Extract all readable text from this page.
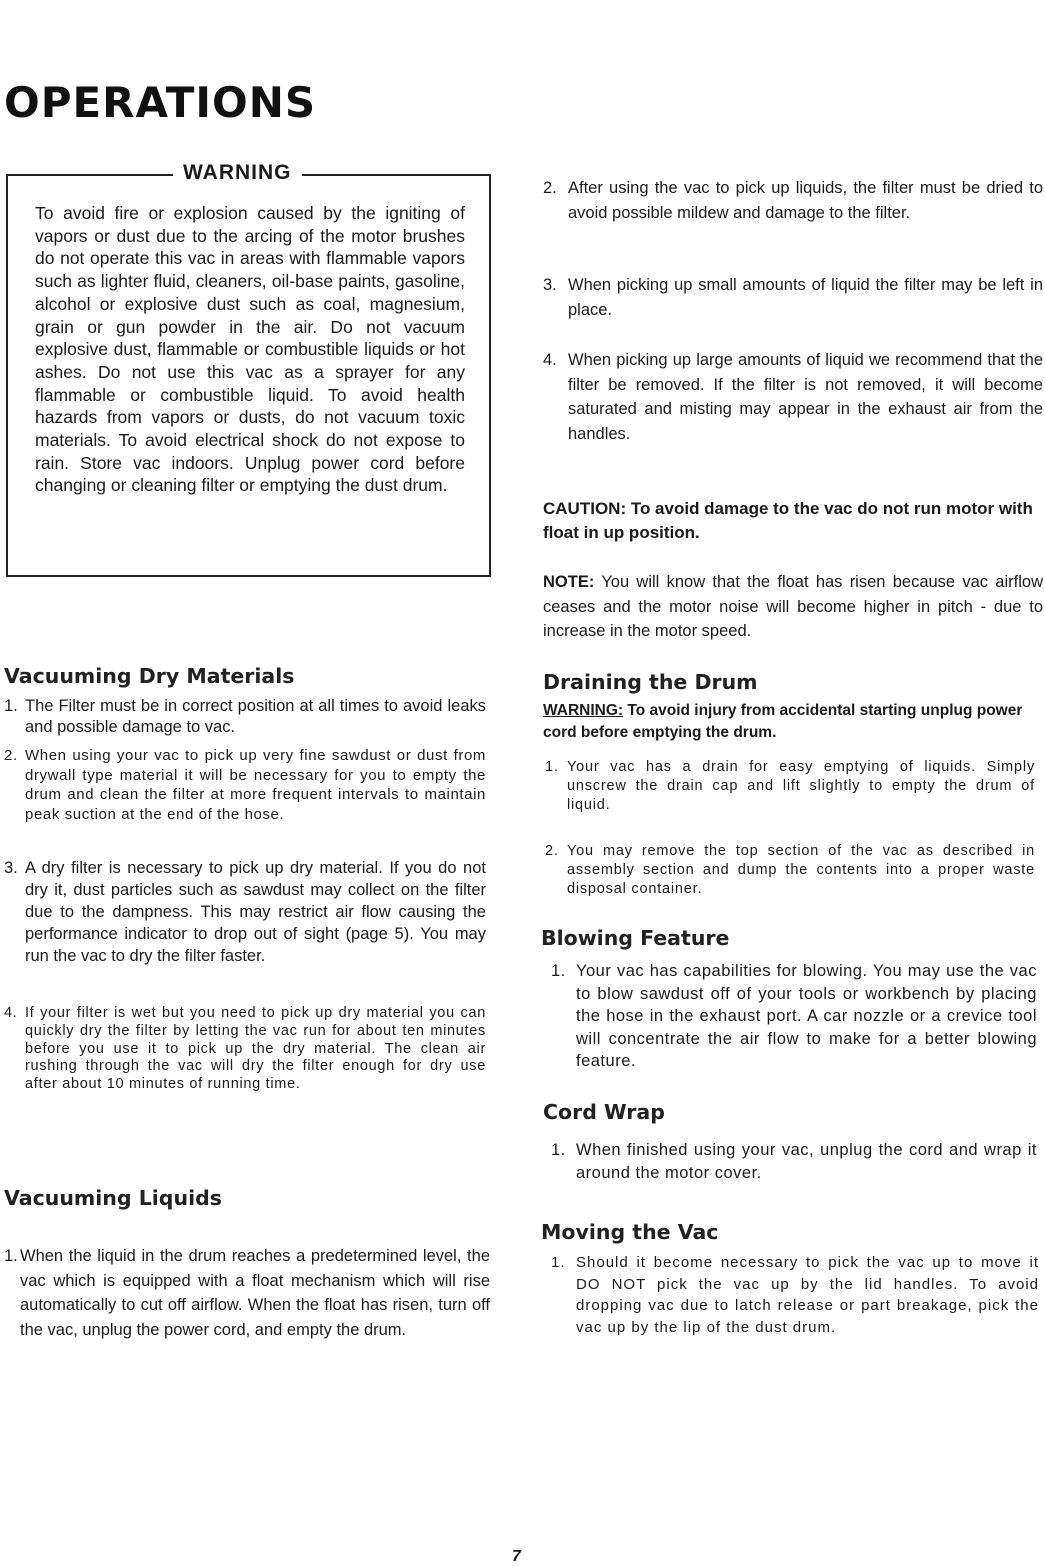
OPERATIONS
WARNING

To avoid fire or explosion caused by the igniting of vapors or dust due to the arcing of the motor brushes do not operate this vac in areas with flammable vapors such as lighter fluid, cleaners, oil-base paints, gasoline, alcohol or explosive dust such as coal, magnesium, grain or gun powder in the air. Do not vacuum explosive dust, flammable or combustible liquids or hot ashes. Do not use this vac as a sprayer for any flammable or combustible liquid. To avoid health hazards from vapors or dusts, do not vacuum toxic materials. To avoid electrical shock do not expose to rain. Store vac indoors. Unplug power cord before changing or cleaning filter or emptying the dust drum.

Vacuuming Dry Materials
1. The Filter must be in correct position at all times to avoid leaks and possible damage to vac.
2. When using your vac to pick up very fine sawdust or dust from drywall type material it will be necessary for you to empty the drum and clean the filter at more frequent intervals to maintain peak suction at the end of the hose.
3. A dry filter is necessary to pick up dry material. If you do not dry it, dust particles such as sawdust may collect on the filter due to the dampness. This may restrict air flow causing the performance indicator to drop out of sight (page 5). You may run the vac to dry the filter faster.
4. If your filter is wet but you need to pick up dry material you can quickly dry the filter by letting the vac run for about ten minutes before you use it to pick up the dry material. The clean air rushing through the vac will dry the filter enough for dry use after about 10 minutes of running time.
Vacuuming Liquids
1. When the liquid in the drum reaches a predetermined level, the vac which is equipped with a float mechanism which will rise automatically to cut off airflow. When the float has risen, turn off the vac, unplug the power cord, and empty the drum.
2. After using the vac to pick up liquids, the filter must be dried to avoid possible mildew and damage to the filter.
3. When picking up small amounts of liquid the filter may be left in place.
4. When picking up large amounts of liquid we recommend that the filter be removed. If the filter is not removed, it will become saturated and misting may appear in the exhaust air from the handles.
CAUTION: To avoid damage to the vac do not run motor with float in up position.
NOTE: You will know that the float has risen because vac airflow ceases and the motor noise will become higher in pitch - due to increase in the motor speed.
Draining the Drum
WARNING: To avoid injury from accidental starting unplug power cord before emptying the drum.
1. Your vac has a drain for easy emptying of liquids. Simply unscrew the drain cap and lift slightly to empty the drum of liquid.
2. You may remove the top section of the vac as described in assembly section and dump the contents into a proper waste disposal container.
Blowing Feature
1. Your vac has capabilities for blowing. You may use the vac to blow sawdust off of your tools or workbench by placing the hose in the exhaust port. A car nozzle or a crevice tool will concentrate the air flow to make for a better blowing feature.
Cord Wrap
1. When finished using your vac, unplug the cord and wrap it around the motor cover.
Moving the Vac
1. Should it become necessary to pick the vac up to move it DO NOT pick the vac up by the lid handles. To avoid dropping vac due to latch release or part breakage, pick the vac up by the lip of the dust drum.
7
